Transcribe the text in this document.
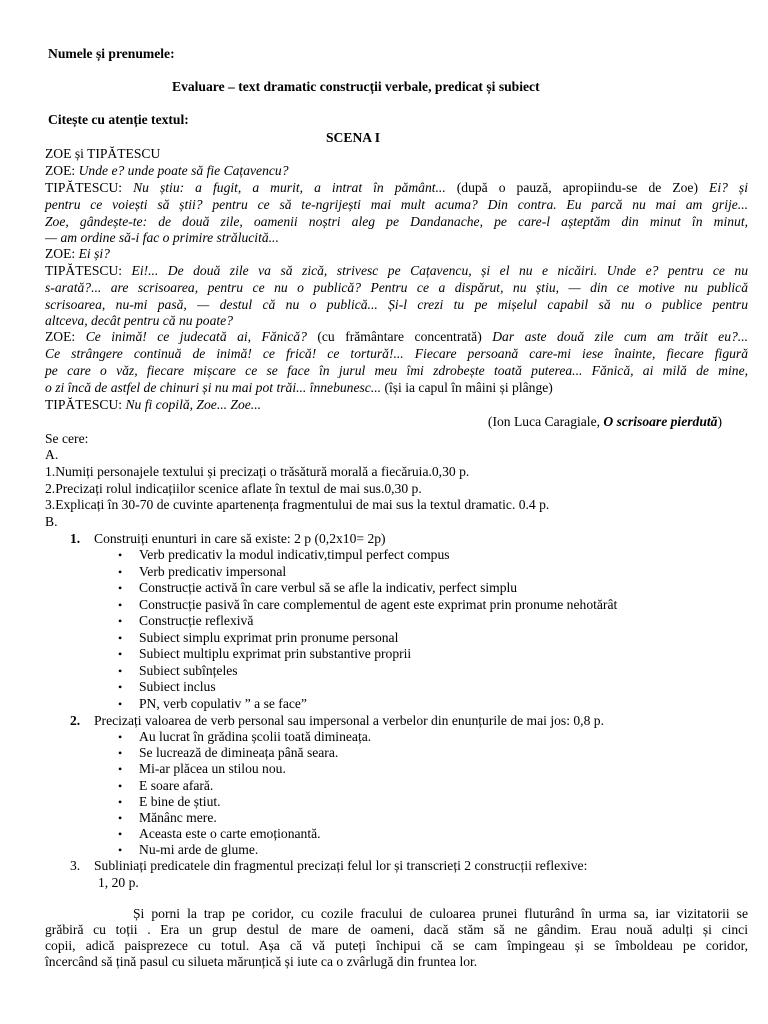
Numele și prenumele:
Evaluare – text dramatic construcții verbale, predicat și subiect
Citește cu atenție textul:
SCENA I
ZOE și TIPĂTESCU
ZOE: Unde e? unde poate să fie Cațavencu?
TIPĂTESCU: Nu știu: a fugit, a murit, a intrat în pământ... (după o pauză, apropiindu-se de Zoe) Ei? și
pentru ce voiești să știi? pentru ce să te-ngrijești mai mult acuma? Din contra. Eu parcă nu mai am grije...
Zoe, gândește-te: de două zile, oamenii noștri aleg pe Dandanache, pe care-l așteptăm din minut în minut,
— am ordine să-i fac o primire strălucită...
ZOE: Ei și?
TIPĂTESCU: Ei!... De două zile va să zică, strivesc pe Cațavencu, și el nu e nicăiri. Unde e? pentru ce nu
s-arată?... are scrisoarea, pentru ce nu o publică? Pentru ce a dispărut, nu știu, — din ce motive nu publică
scrisoarea, nu-mi pasă, — destul că nu o publică... Și-l crezi tu pe mișelul capabil să nu o publice pentru
altceva, decât pentru că nu poate?
ZOE: Ce inimă! ce judecată ai, Fănică? (cu frământare concentrată) Dar aste două zile cum am trăit eu?...
Ce strângere continuă de inimă! ce frică! ce tortură!... Fiecare persoană care-mi iese înainte, fiecare figură
pe care o văz, fiecare mișcare ce se face în jurul meu îmi zdrobește toată puterea... Fănică, ai milă de mine,
o zi încă de astfel de chinuri și nu mai pot trăi... înnebunesc... (își ia capul în mâini și plânge)
TIPĂTESCU: Nu fi copilă, Zoe... Zoe...
(Ion Luca Caragiale, O scrisoare pierdută)
Se cere:
A.
1.Numiți personajele textului și precizați o trăsătură morală a fiecăruia.0,30 p.
2.Precizați rolul indicațiilor scenice aflate în textul de mai sus.0,30 p.
3.Explicați în 30-70 de cuvinte apartenența fragmentului de mai sus la textul dramatic. 0.4 p.
B.
1. Construiți enunturi in care să existe: 2 p (0,2x10= 2p)
• Verb predicativ la modul indicativ,timpul perfect compus
• Verb predicativ impersonal
• Construcție activă în care verbul să se afle la indicativ, perfect simplu
• Construcție pasivă în care complementul de agent este exprimat prin pronume nehotărât
• Construcție reflexivă
• Subiect simplu exprimat prin pronume personal
• Subiect multiplu exprimat prin substantive proprii
• Subiect subînțeles
• Subiect inclus
• PN, verb copulativ ” a se face”
2. Precizați valoarea de verb personal sau impersonal a verbelor din enunțurile de mai jos: 0,8 p.
• Au lucrat în grădina școlii toată dimineața.
• Se lucrează de dimineața până seara.
• Mi-ar plăcea un stilou nou.
• E soare afară.
• E bine de știut.
• Mănânc mere.
• Aceasta este o carte emoționantă.
• Nu-mi arde de glume.
3. Subliniați predicatele din fragmentul precizați felul lor și transcrieți 2 construcții reflexive:
1, 20 p.
Și porni la trap pe coridor, cu cozile fracului de culoarea prunei fluturând în urma sa, iar vizitatorii se
grăbiră cu toții . Era un grup destul de mare de oameni, dacă stăm să ne gândim. Erau nouă adulți și cinci
copii, adică paisprezece cu totul. Așa că vă puteți închipui că se cam împingeau și se îmboldeau pe coridor,
încercând să țină pasul cu silueta mărunțică și iute ca o zvârlugă din fruntea lor.
